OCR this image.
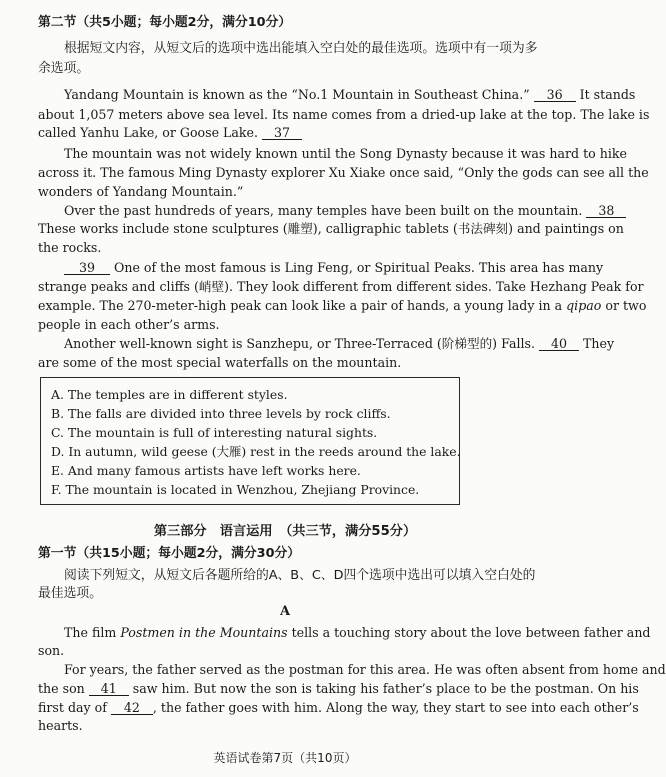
第二节（共5小题；每小题2分，满分10分）
根据短文内容，从短文后的选项中选出能填入空白处的最佳选项。选项中有一项为多
余选项。
Yandang Mountain is known as the “No.1 Mountain in Southeast China.” 36 It stands
about 1,057 meters above sea level. Its name comes from a dried-up lake at the top. The lake is
called Yanhu Lake, or Goose Lake. 37
The mountain was not widely known until the Song Dynasty because it was hard to hike
across it. The famous Ming Dynasty explorer Xu Xiake once said, “Only the gods can see all the
wonders of Yandang Mountain.”
Over the past hundreds of years, many temples have been built on the mountain. 38
These works include stone sculptures (雕塑), calligraphic tablets (书法碑刻) and paintings on
the rocks.
39 One of the most famous is Ling Feng, or Spiritual Peaks. This area has many
strange peaks and cliffs (峭壁). They look different from different sides. Take Hezhang Peak for
example. The 270-meter-high peak can look like a pair of hands, a young lady in a qipao or two
people in each other’s arms.
Another well-known sight is Sanzhepu, or Three-Terraced (阶梯型的) Falls. 40 They
are some of the most special waterfalls on the mountain.
A. The temples are in different styles.
B. The falls are divided into three levels by rock cliffs.
C. The mountain is full of interesting natural sights.
D. In autumn, wild geese (大雁) rest in the reeds around the lake.
E. And many famous artists have left works here.
F. The mountain is located in Wenzhou, Zhejiang Province.
第三部分　语言运用　（共三节，满分55分）
第一节（共15小题；每小题2分，满分30分）
阅读下列短文，从短文后各题所给的A、B、C、D四个选项中选出可以填入空白处的
最佳选项。
A
The film Postmen in the Mountains tells a touching story about the love between father and
son.
For years, the father served as the postman for this area. He was often absent from home and
the son 41 saw him. But now the son is taking his father’s place to be the postman. On his
first day of 42 , the father goes with him. Along the way, they start to see into each other’s
hearts.
英语试卷第7页（共10页）
